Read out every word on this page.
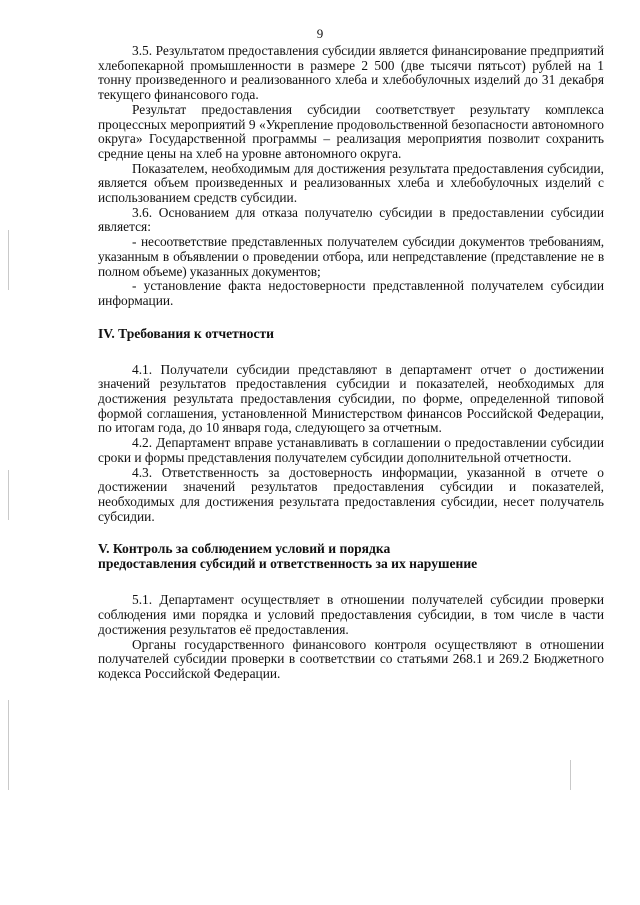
9

3.5. Результатом предоставления субсидии является финансирование предприятий хлебопекарной промышленности в размере 2 500 (две тысячи пятьсот) рублей на 1 тонну произведенного и реализованного хлеба и хлебобулочных изделий до 31 декабря текущего финансового года.

Результат предоставления субсидии соответствует результату комплекса процессных мероприятий 9 «Укрепление продовольственной безопасности автономного округа» Государственной программы – реализация мероприятия позволит сохранить средние цены на хлеб на уровне автономного округа.

Показателем, необходимым для достижения результата предоставления субсидии, является объем произведенных и реализованных хлеба и хлебобулочных изделий с использованием средств субсидии.

3.6. Основанием для отказа получателю субсидии в предоставлении субсидии является:

- несоответствие представленных получателем субсидии документов требованиям, указанным в объявлении о проведении отбора, или непредставление (представление не в полном объеме) указанных документов;

- установление факта недостоверности представленной получателем субсидии информации.

IV. Требования к отчетности

4.1. Получатели субсидии представляют в департамент отчет о достижении значений результатов предоставления субсидии и показателей, необходимых для достижения результата предоставления субсидии, по форме, определенной типовой формой соглашения, установленной Министерством финансов Российской Федерации, по итогам года, до 10 января года, следующего за отчетным.

4.2. Департамент вправе устанавливать в соглашении о предоставлении субсидии сроки и формы представления получателем субсидии дополнительной отчетности.

4.3. Ответственность за достоверность информации, указанной в отчете о достижении значений результатов предоставления субсидии и показателей, необходимых для достижения результата предоставления субсидии, несет получатель субсидии.

V. Контроль за соблюдением условий и порядка

предоставления субсидий и ответственность за их нарушение

5.1. Департамент осуществляет в отношении получателей субсидии проверки соблюдения ими порядка и условий предоставления субсидии, в том числе в части достижения результатов её предоставления.

Органы государственного финансового контроля осуществляют в отношении получателей субсидии проверки в соответствии со статьями 268.1 и 269.2 Бюджетного кодекса Российской Федерации.
